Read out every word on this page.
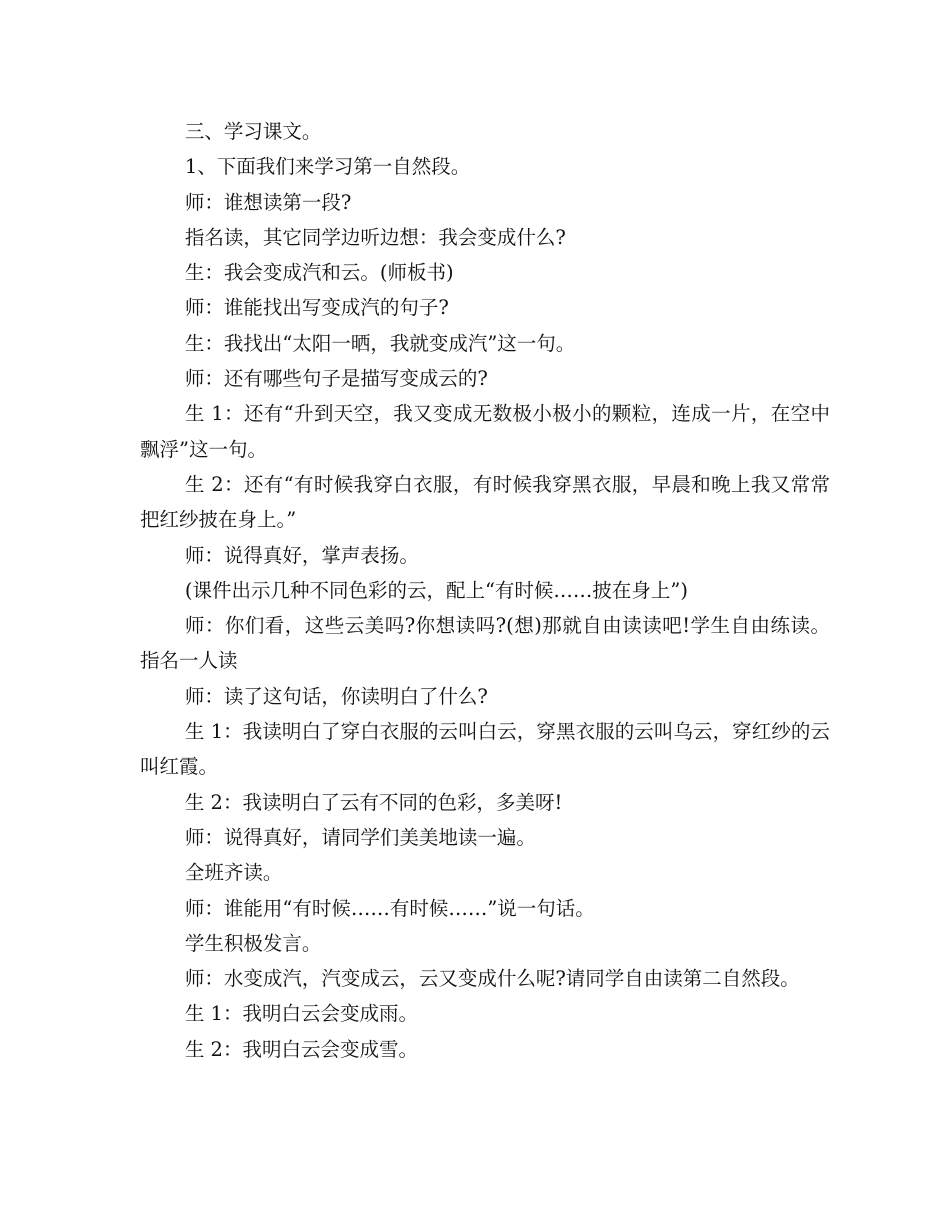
三、学习课文。

1、下面我们来学习第一自然段。

师：谁想读第一段?

指名读，其它同学边听边想：我会变成什么?

生：我会变成汽和云。(师板书)

师：谁能找出写变成汽的句子?

生：我找出“太阳一晒，我就变成汽”这一句。

师：还有哪些句子是描写变成云的?

生 1：还有“升到天空，我又变成无数极小极小的颗粒，连成一片，在空中飘浮”这一句。

生 2：还有“有时候我穿白衣服，有时候我穿黑衣服，早晨和晚上我又常常把红纱披在身上。”

师：说得真好，掌声表扬。

(课件出示几种不同色彩的云，配上“有时候……披在身上”)

师：你们看，这些云美吗?你想读吗?(想)那就自由读读吧!学生自由练读。指名一人读

师：读了这句话，你读明白了什么?

生 1：我读明白了穿白衣服的云叫白云，穿黑衣服的云叫乌云，穿红纱的云叫红霞。

生 2：我读明白了云有不同的色彩，多美呀!

师：说得真好，请同学们美美地读一遍。

全班齐读。

师：谁能用“有时候……有时候……”说一句话。

学生积极发言。

师：水变成汽，汽变成云，云又变成什么呢?请同学自由读第二自然段。

生 1：我明白云会变成雨。

生 2：我明白云会变成雪。
